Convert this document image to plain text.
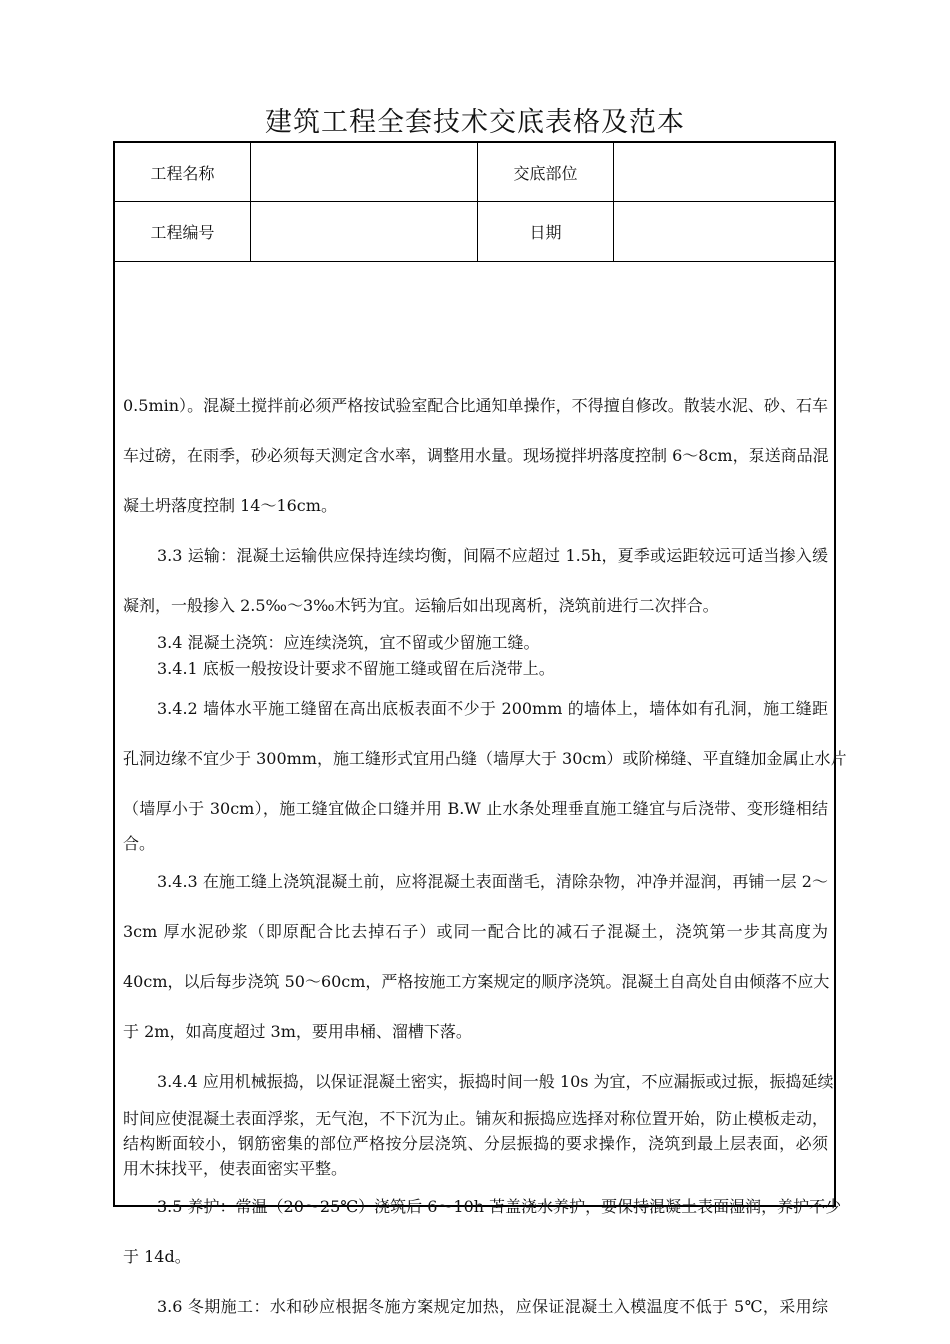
建筑工程全套技术交底表格及范本
工程名称	交底部位
工程编号	日期
0.5min）。混凝土搅拌前必须严格按试验室配合比通知单操作，不得擅自修改。散装水泥、砂、石车
车过磅，在雨季，砂必须每天测定含水率，调整用水量。现场搅拌坍落度控制 6～8cm，泵送商品混
凝土坍落度控制 14～16cm。
3.3 运输：混凝土运输供应保持连续均衡，间隔不应超过 1.5h，夏季或运距较远可适当掺入缓
凝剂，一般掺入 2.5‰～3‰木钙为宜。运输后如出现离析，浇筑前进行二次拌合。
3.4 混凝土浇筑：应连续浇筑，宜不留或少留施工缝。
3.4.1 底板一般按设计要求不留施工缝或留在后浇带上。
3.4.2 墙体水平施工缝留在高出底板表面不少于 200mm 的墙体上，墙体如有孔洞，施工缝距
孔洞边缘不宜少于 300mm，施工缝形式宜用凸缝（墙厚大于 30cm）或阶梯缝、平直缝加金属止水片
（墙厚小于 30cm），施工缝宜做企口缝并用 B.W 止水条处理垂直施工缝宜与后浇带、变形缝相结
合。
3.4.3 在施工缝上浇筑混凝土前，应将混凝土表面凿毛，清除杂物，冲净并湿润，再铺一层 2～
3cm 厚水泥砂浆（即原配合比去掉石子）或同一配合比的减石子混凝土，浇筑第一步其高度为
40cm，以后每步浇筑 50～60cm，严格按施工方案规定的顺序浇筑。混凝土自高处自由倾落不应大
于 2m，如高度超过 3m，要用串桶、溜槽下落。
3.4.4 应用机械振捣，以保证混凝土密实，振捣时间一般 10s 为宜，不应漏振或过振，振捣延续
时间应使混凝土表面浮浆，无气泡，不下沉为止。铺灰和振捣应选择对称位置开始，防止模板走动，
结构断面较小，钢筋密集的部位严格按分层浇筑、分层振捣的要求操作，浇筑到最上层表面，必须
用木抹找平，使表面密实平整。
3.5 养护：常温（20～25℃）浇筑后 6～10h 苫盖浇水养护，要保持混凝土表面湿润，养护不少
于 14d。
3.6 冬期施工：水和砂应根据冬施方案规定加热，应保证混凝土入模温度不低于 5℃，采用综
